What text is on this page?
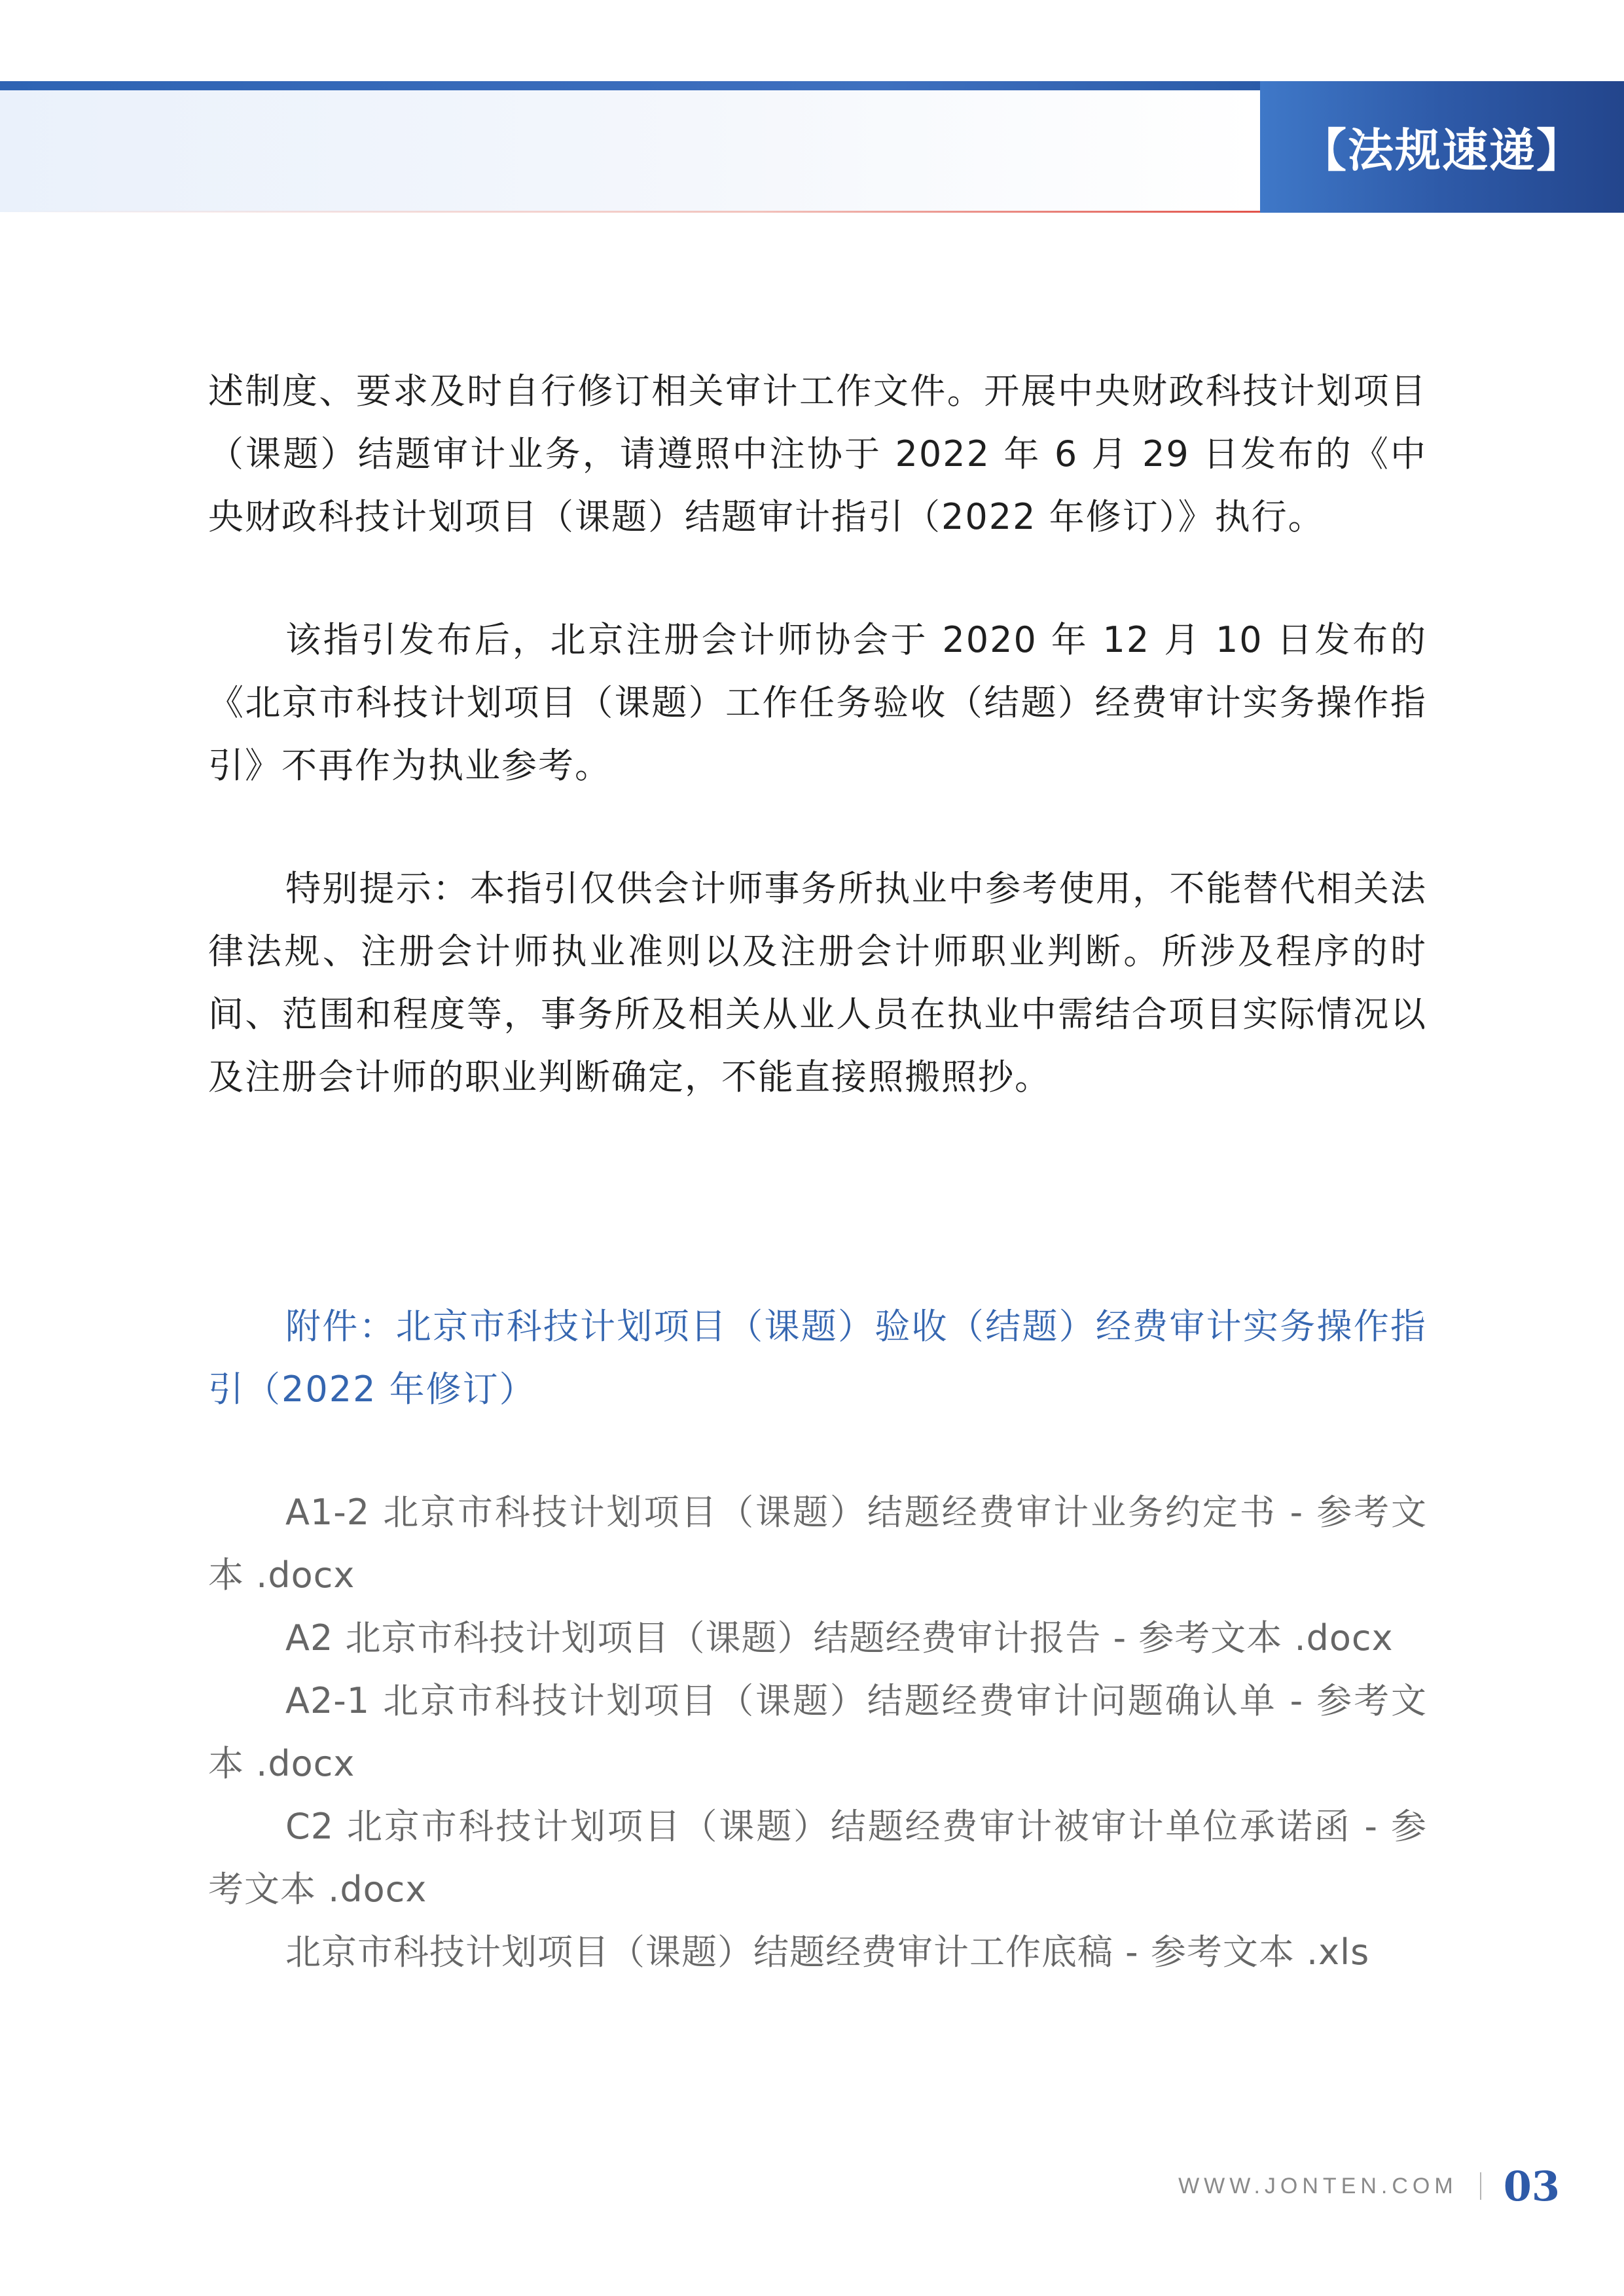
【法规速递】

述制度、要求及时自行修订相关审计工作文件。开展中央财政科技计划项目（课题）结题审计业务，请遵照中注协于 2022 年 6 月 29 日发布的《中央财政科技计划项目（课题）结题审计指引（2022 年修订）》执行。

该指引发布后，北京注册会计师协会于 2020 年 12 月 10 日发布的《北京市科技计划项目（课题）工作任务验收（结题）经费审计实务操作指引》不再作为执业参考。

特别提示：本指引仅供会计师事务所执业中参考使用，不能替代相关法律法规、注册会计师执业准则以及注册会计师职业判断。所涉及程序的时间、范围和程度等，事务所及相关从业人员在执业中需结合项目实际情况以及注册会计师的职业判断确定，不能直接照搬照抄。

附件：北京市科技计划项目（课题）验收（结题）经费审计实务操作指引（2022 年修订）

A1-2 北京市科技计划项目（课题）结题经费审计业务约定书 - 参考文本 .docx

A2 北京市科技计划项目（课题）结题经费审计报告 - 参考文本 .docx

A2-1 北京市科技计划项目（课题）结题经费审计问题确认单 - 参考文本 .docx

C2 北京市科技计划项目（课题）结题经费审计被审计单位承诺函 - 参考文本 .docx

北京市科技计划项目（课题）结题经费审计工作底稿 - 参考文本 .xls

WWW.JONTEN.COM 03
